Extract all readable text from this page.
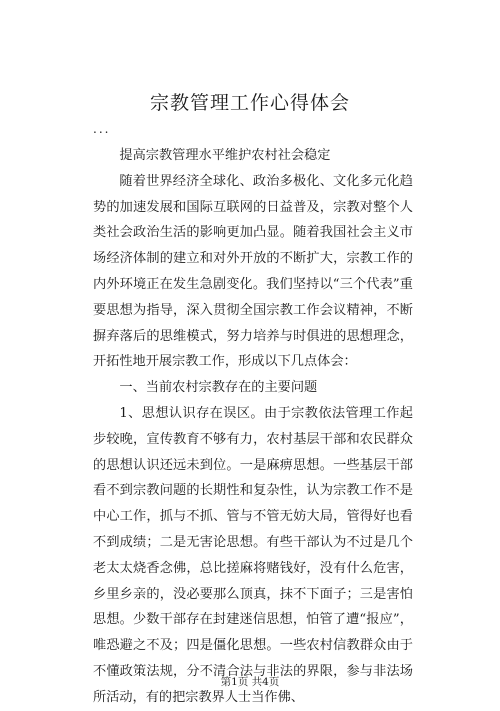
宗教管理工作心得体会
...

提高宗教管理水平维护农村社会稳定

随着世界经济全球化、政治多极化、文化多元化趋势的加速发展和国际互联网的日益普及，宗教对整个人类社会政治生活的影响更加凸显。随着我国社会主义市场经济体制的建立和对外开放的不断扩大，宗教工作的内外环境正在发生急剧变化。我们坚持以“三个代表”重要思想为指导，深入贯彻全国宗教工作会议精神，不断摒弃落后的思维模式，努力培养与时俱进的思想理念，开拓性地开展宗教工作，形成以下几点体会：

一、当前农村宗教存在的主要问题

1、思想认识存在误区。由于宗教依法管理工作起步较晚，宣传教育不够有力，农村基层干部和农民群众的思想认识还远未到位。一是麻痹思想。一些基层干部看不到宗教问题的长期性和复杂性，认为宗教工作不是中心工作，抓与不抓、管与不管无妨大局，管得好也看不到成绩；二是无害论思想。有些干部认为不过是几个老太太烧香念佛，总比搓麻将赌钱好，没有什么危害，乡里乡亲的，没必要那么顶真，抹不下面子；三是害怕思想。少数干部存在封建迷信思想，怕管了遭“报应”，唯恐避之不及；四是僵化思想。一些农村信教群众由于不懂政策法规，分不清合法与非法的界限，参与非法场所活动，有的把宗教界人士当作佛、

第1页 共4页
